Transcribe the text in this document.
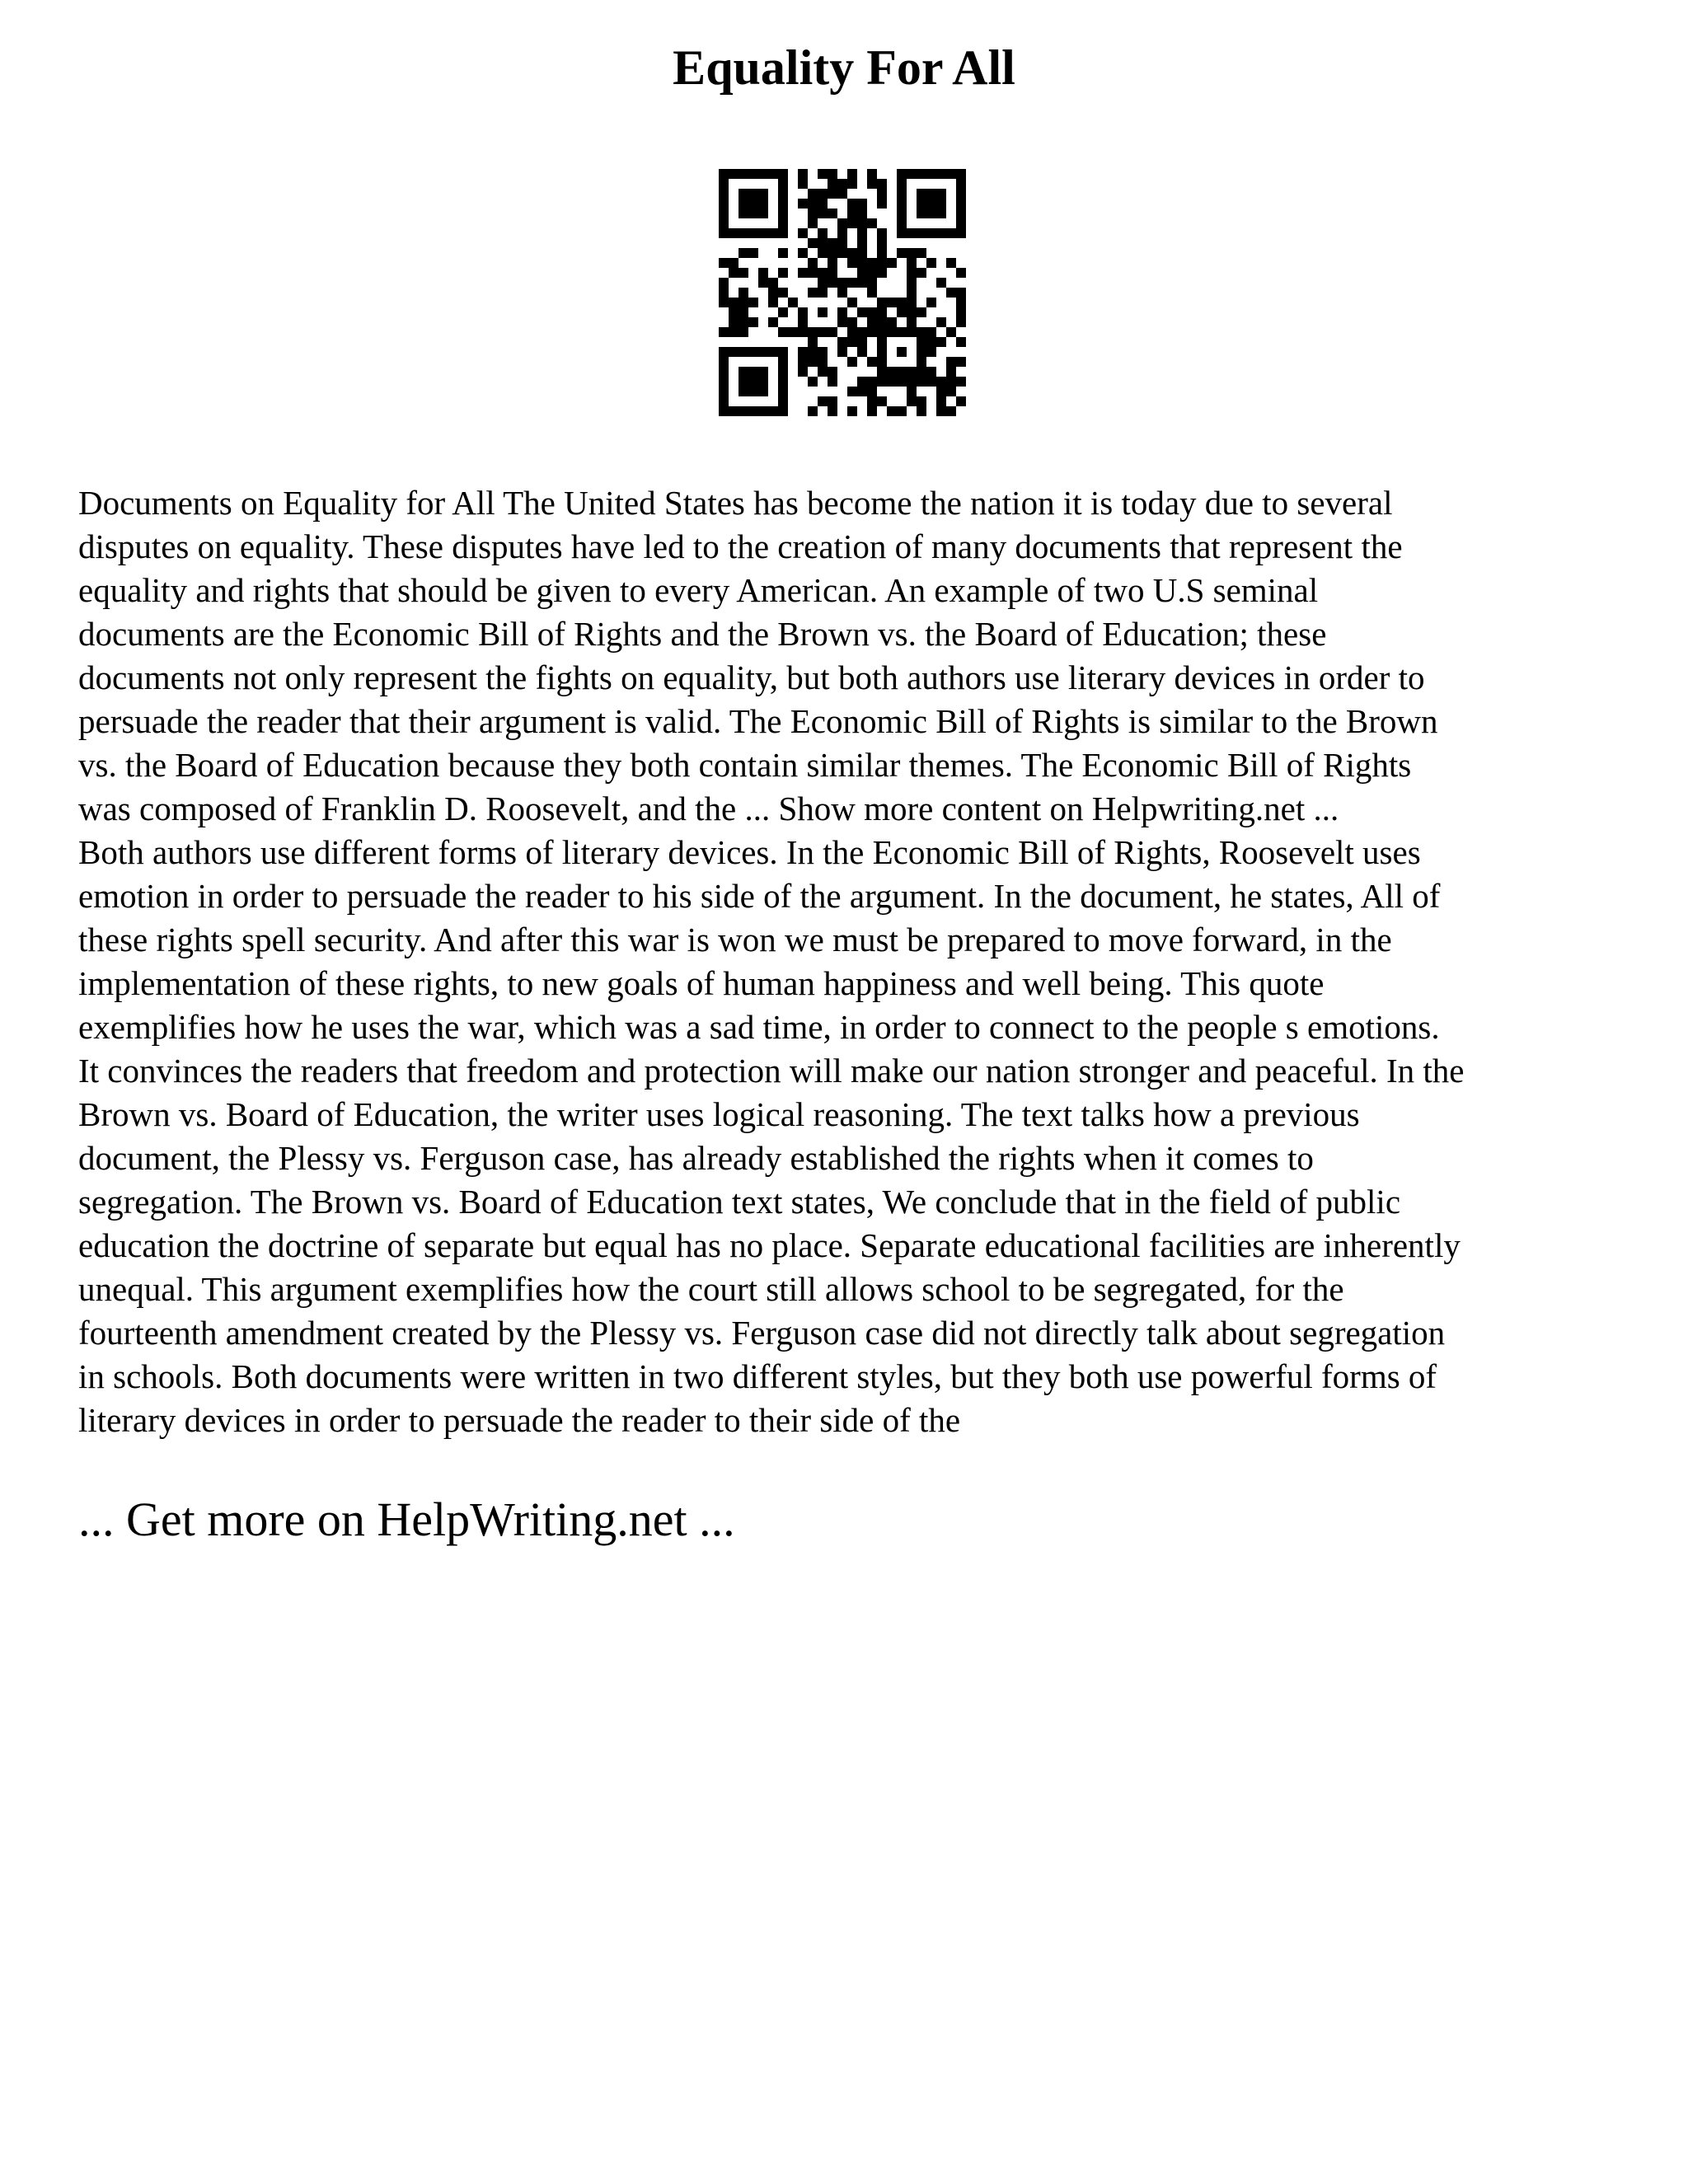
Equality For All

Documents on Equality for All The United States has become the nation it is today due to several
disputes on equality. These disputes have led to the creation of many documents that represent the
equality and rights that should be given to every American. An example of two U.S seminal
documents are the Economic Bill of Rights and the Brown vs. the Board of Education; these
documents not only represent the fights on equality, but both authors use literary devices in order to
persuade the reader that their argument is valid. The Economic Bill of Rights is similar to the Brown
vs. the Board of Education because they both contain similar themes. The Economic Bill of Rights
was composed of Franklin D. Roosevelt, and the ... Show more content on Helpwriting.net ...
Both authors use different forms of literary devices. In the Economic Bill of Rights, Roosevelt uses
emotion in order to persuade the reader to his side of the argument. In the document, he states, All of
these rights spell security. And after this war is won we must be prepared to move forward, in the
implementation of these rights, to new goals of human happiness and well being. This quote
exemplifies how he uses the war, which was a sad time, in order to connect to the people s emotions.
It convinces the readers that freedom and protection will make our nation stronger and peaceful. In the
Brown vs. Board of Education, the writer uses logical reasoning. The text talks how a previous
document, the Plessy vs. Ferguson case, has already established the rights when it comes to
segregation. The Brown vs. Board of Education text states, We conclude that in the field of public
education the doctrine of separate but equal has no place. Separate educational facilities are inherently
unequal. This argument exemplifies how the court still allows school to be segregated, for the
fourteenth amendment created by the Plessy vs. Ferguson case did not directly talk about segregation
in schools. Both documents were written in two different styles, but they both use powerful forms of
literary devices in order to persuade the reader to their side of the

... Get more on HelpWriting.net ...
